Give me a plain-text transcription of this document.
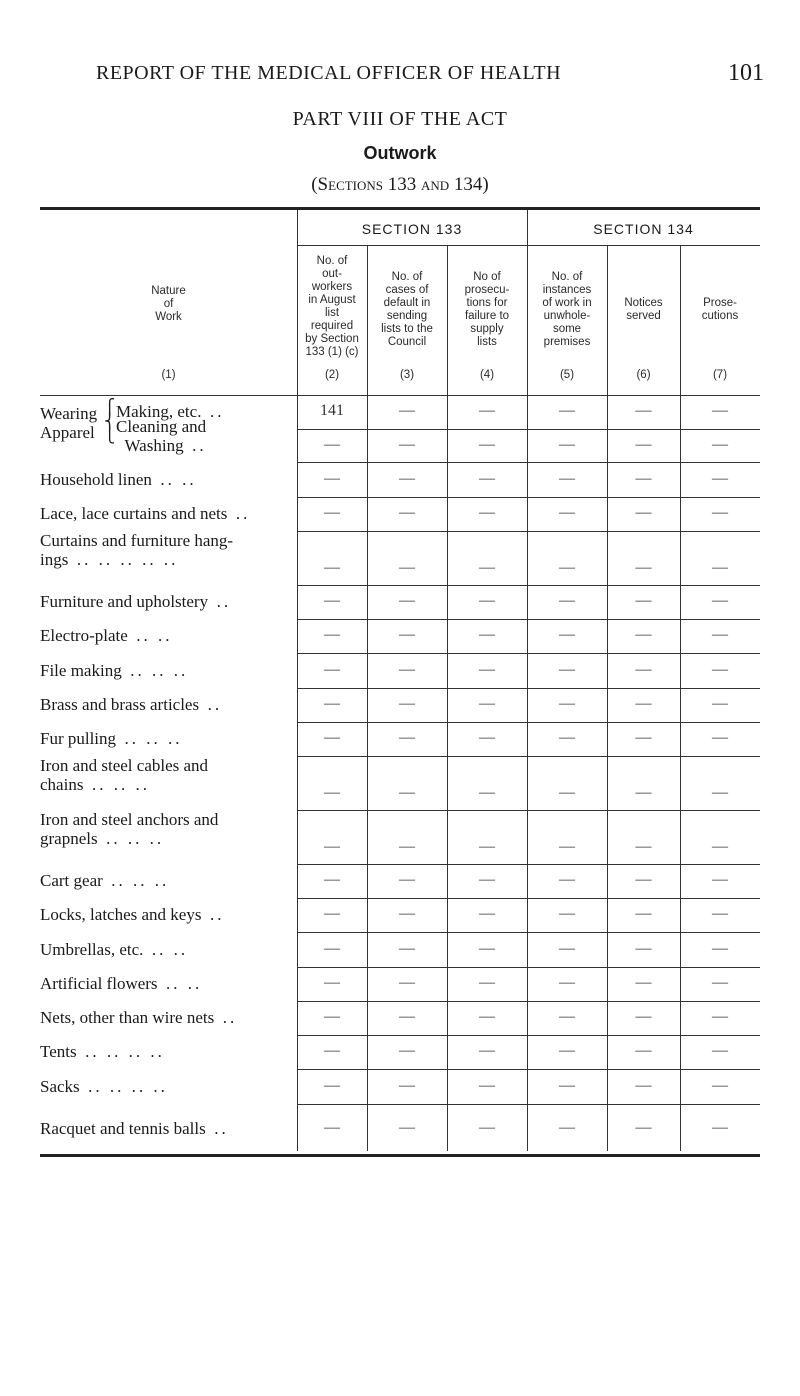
REPORT OF THE MEDICAL OFFICER OF HEALTH	101
PART VIII OF THE ACT
Outwork
(Sections 133 and 134)
SECTION 133	SECTION 134
Nature
of
Work
(1)
No. of
out-
workers
in August
list
required
by Section
133 (1) (c)
(2)
No. of
cases of
default in
sending
lists to the
Council
(3)
No of
prosecu-
tions for
failure to
supply
lists
(4)
No. of
instances
of work in
unwhole-
some
premises
(5)
Notices
served
(6)
Prose-
cutions
(7)
Making, etc.  ..	141	—	—	—	—	—
Cleaning and
Washing  ..	—	—	—	—	—	—
Household linen  .. ..	—	—	—	—	—	—
Lace, lace curtains and nets  ..	—	—	—	—	—	—
Curtains and furniture hang-
ings  .. .. .. .. ..	—	—	—	—	—	—
Furniture and upholstery  ..	—	—	—	—	—	—
Electro-plate  .. ..	—	—	—	—	—	—
File making  .. .. ..	—	—	—	—	—	—
Brass and brass articles  ..	—	—	—	—	—	—
Fur pulling  .. .. ..	—	—	—	—	—	—
Iron and steel cables and
chains  .. .. ..	—	—	—	—	—	—
Iron and steel anchors and
grapnels  .. .. ..	—	—	—	—	—	—
Cart gear  .. .. ..	—	—	—	—	—	—
Locks, latches and keys  ..	—	—	—	—	—	—
Umbrellas, etc.  .. ..	—	—	—	—	—	—
Artificial flowers  .. ..	—	—	—	—	—	—
Nets, other than wire nets  ..	—	—	—	—	—	—
Tents  .. .. .. ..	—	—	—	—	—	—
Sacks  .. .. .. ..	—	—	—	—	—	—
Racquet and tennis balls  ..	—	—	—	—	—	—
Wearing
Apparel
⎧
⎨
⎩
